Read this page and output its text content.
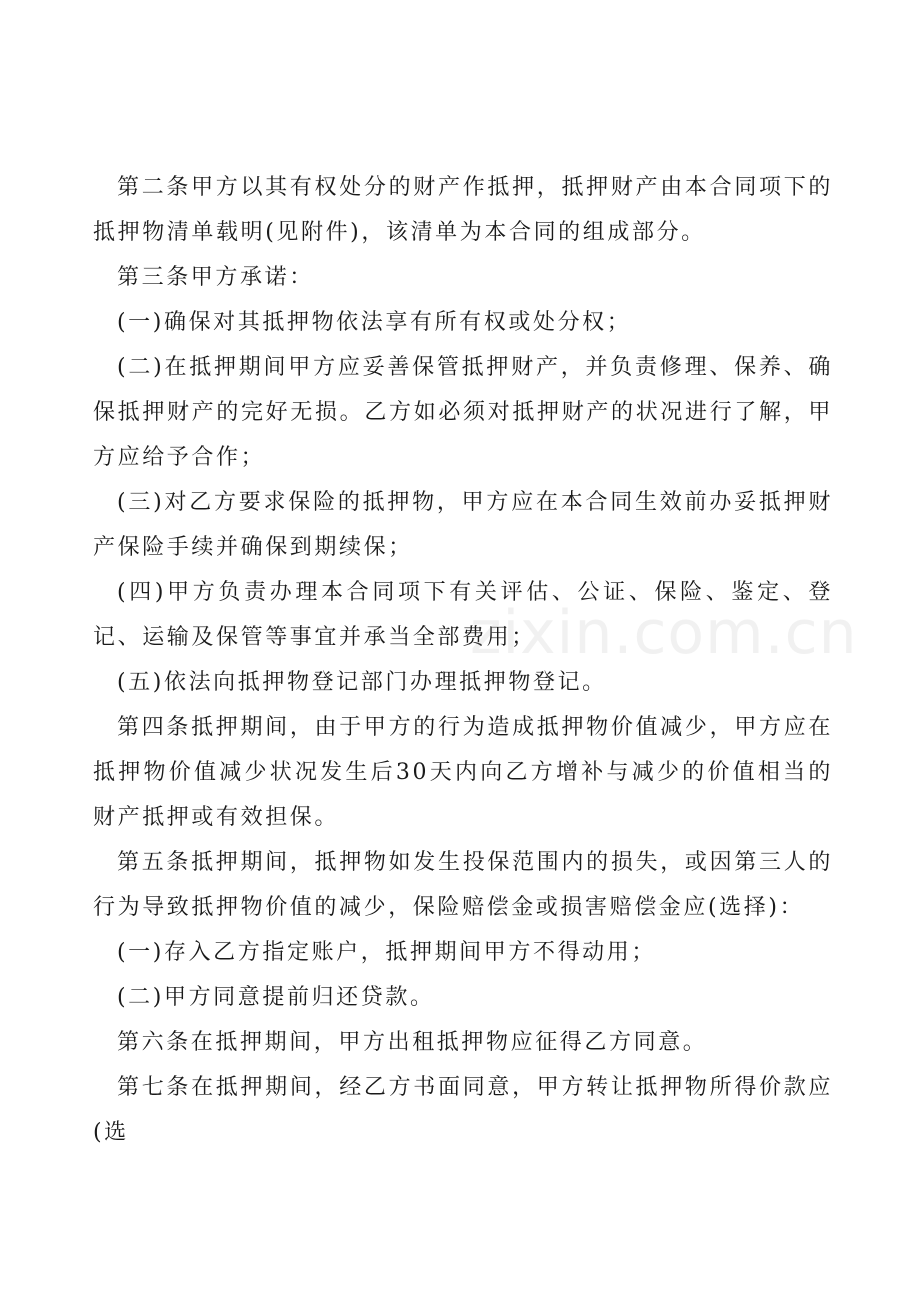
第二条甲方以其有权处分的财产作抵押，抵押财产由本合同项下的抵押物清单载明(见附件)，该清单为本合同的组成部分。

第三条甲方承诺：

(一)确保对其抵押物依法享有所有权或处分权；

(二)在抵押期间甲方应妥善保管抵押财产，并负责修理、保养、确保抵押财产的完好无损。乙方如必须对抵押财产的状况进行了解，甲方应给予合作；

(三)对乙方要求保险的抵押物，甲方应在本合同生效前办妥抵押财产保险手续并确保到期续保；

(四)甲方负责办理本合同项下有关评估、公证、保险、鉴定、登记、运输及保管等事宜并承当全部费用；

(五)依法向抵押物登记部门办理抵押物登记。

第四条抵押期间，由于甲方的行为造成抵押物价值减少，甲方应在抵押物价值减少状况发生后30天内向乙方增补与减少的价值相当的财产抵押或有效担保。

第五条抵押期间，抵押物如发生投保范围内的损失，或因第三人的行为导致抵押物价值的减少，保险赔偿金或损害赔偿金应(选择)：

(一)存入乙方指定账户，抵押期间甲方不得动用；

(二)甲方同意提前归还贷款。

第六条在抵押期间，甲方出租抵押物应征得乙方同意。

第七条在抵押期间，经乙方书面同意，甲方转让抵押物所得价款应(选

zixin.com.cn
